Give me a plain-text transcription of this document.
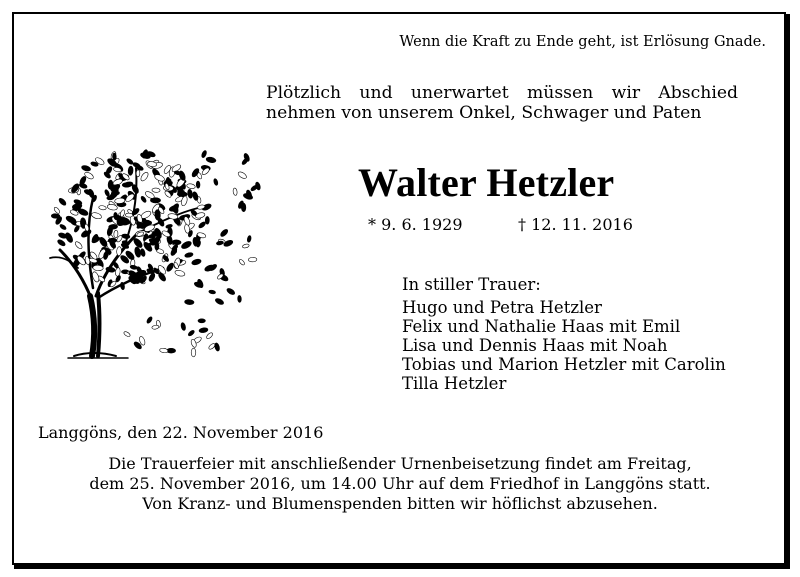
Wenn die Kraft zu Ende geht, ist Erlösung Gnade.
Plötzlich und unerwartet müssen wir Abschied
nehmen von unserem Onkel, Schwager und Paten
Walter Hetzler
* 9. 6. 1929	† 12. 11. 2016
In stiller Trauer:
Hugo und Petra Hetzler
Felix und Nathalie Haas mit Emil
Lisa und Dennis Haas mit Noah
Tobias und Marion Hetzler mit Carolin
Tilla Hetzler
Langgöns, den 22. November 2016
Die Trauerfeier mit anschließender Urnenbeisetzung findet am Freitag,
dem 25. November 2016, um 14.00 Uhr auf dem Friedhof in Langgöns statt.
Von Kranz- und Blumenspenden bitten wir höflichst abzusehen.
